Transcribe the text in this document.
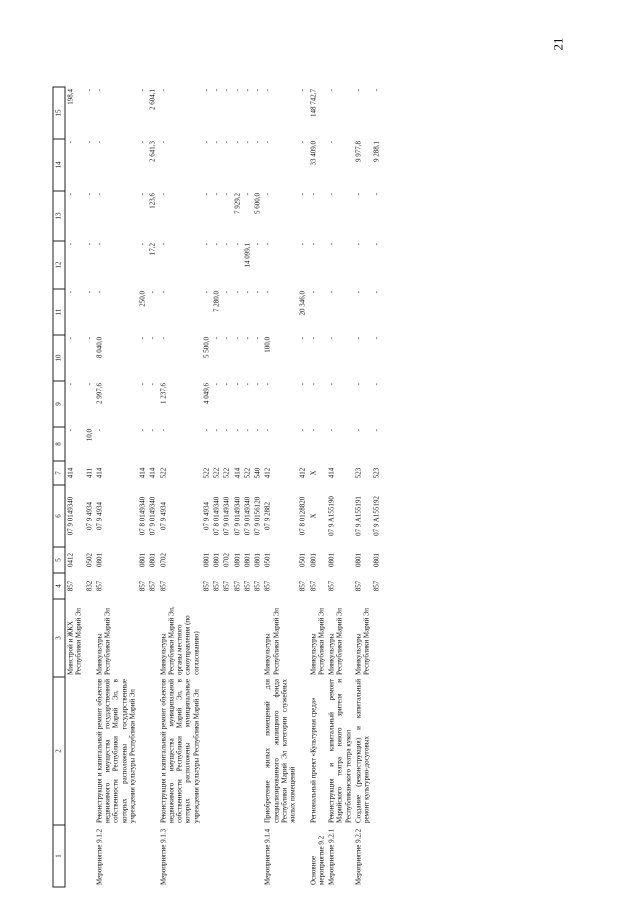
21
1	2	3	4	5	6	7	8	9	10	11	12	13	14	15
		Минстрой и ЖКХ Республики Марий Эл	857	0412	07 9 0149340	414	-	-	-	-	-	-	-	198,4
			832	0502	07 9 4934	411	10,0	-	-	-	-	-	-	-
Мероприятие 9.1.2	Реконструкция и капитальный ремонт объектов недвижимого имущества государственной собственности Республики Марий Эл, в которых расположены государственные учреждения культуры Республики Марий Эл	Минкультуры Республики Марий Эл	857	0801	07 9 4934	414	-	2 997,6	8 040,0	-	-	-	-	-
			857	0801	07 8 0149340	414	-	-	-	250,0	-	-	-	-
			857	0801	07 9 0149340	414	-	-	-	-	17,2	123,6	2 641,3	2 604,1
Мероприятие 9.1.3	Реконструкция и капитальный ремонт объектов недвижимого имущества муниципальной собственности Республики Марий Эл, в которых расположены муниципальные учреждения культуры Республики Марий Эл	Минкультуры Республики Марий Эл, органы местного самоуправления (по согласованию)	857	0702	07 9 4934	522	-	1 237,6	-	-	-	-	-	-
			857	0801	07 9 4934	522	-	4 049,6	5 500,0	-	-	-	-	-
			857	0801	07 8 0149340	522	-	-	-	7 280,0	-	-	-	-
			857	0702	07 9 0149340	522	-	-	-	-	-	-	-	-
			857	0801	07 9 0149340	414	-	-	-	-	-	7 929,2	-	-
			857	0801	07 9 0149340	522	-	-	-	-	14 099,1	-	-	-
			857	0801	07 9 0156120	540	-	-	-	-	-	5 600,0	-	-
Мероприятие 9.1.4	Приобретение жилых помещений для специализированного жилищного фонда Республики Марий Эл категории служебных жилых помещений	Минкультуры Республики Марий Эл	857	0501	07 9 2882	412	-	-	100,0	-	-	-	-	-
			857	0501	07 8 0128820	412	-	-	-	20 346,0	-	-	-	-
Основное мероприятие 9.2	Региональный проект «Культурная среда»	Минкультуры Республики Марий Эл	857	0801	X	X	-	-	-	-	-	-	33 409,0	148 742,7
Мероприятие 9.2.1	Реконструкция и капитальный ремонт Марийского театра юного зрителя и Республиканского театра кукол	Минкультуры Республики Марий Эл	857	0801	07 9 A155190	414	-	-	-	-	-	-	-	-
Мероприятие 9.2.2	Создание (реконструкция) и капитальный ремонт культурно-досуговых	Минкультуры Республики Марий Эл	857	0801	07 9 A155191	523	-	-	-	-	-	-	9 977,8	-
			857	0801	07 9 A155192	523	-	-	-	-	-	-	9 288,1	-
